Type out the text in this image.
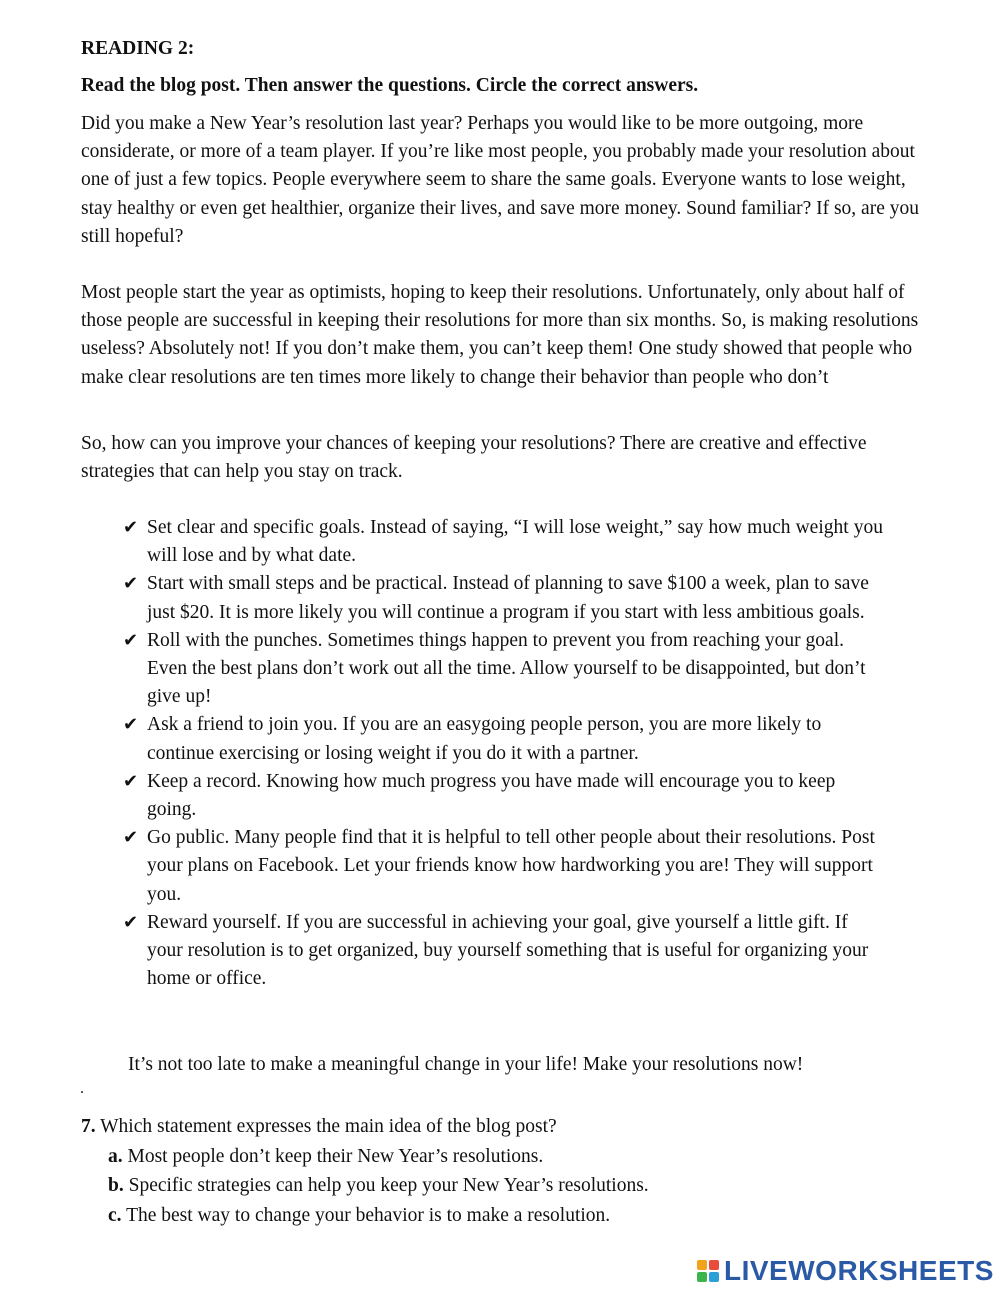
READING 2:
Read the blog post. Then answer the questions. Circle the correct answers.

Did you make a New Year’s resolution last year? Perhaps you would like to be more outgoing, more considerate, or more of a team player. If you’re like most people, you probably made your resolution about one of just a few topics. People everywhere seem to share the same goals. Everyone wants to lose weight, stay healthy or even get healthier, organize their lives, and save more money. Sound familiar? If so, are you still hopeful?

Most people start the year as optimists, hoping to keep their resolutions. Unfortunately, only about half of those people are successful in keeping their resolutions for more than six months. So, is making resolutions useless? Absolutely not! If you don’t make them, you can’t keep them! One study showed that people who make clear resolutions are ten times more likely to change their behavior than people who don’t

So, how can you improve your chances of keeping your resolutions? There are creative and effective strategies that can help you stay on track.

✔ Set clear and specific goals. Instead of saying, “I will lose weight,” say how much weight you will lose and by what date.
✔ Start with small steps and be practical. Instead of planning to save $100 a week, plan to save just $20. It is more likely you will continue a program if you start with less ambitious goals.
✔ Roll with the punches. Sometimes things happen to prevent you from reaching your goal. Even the best plans don’t work out all the time. Allow yourself to be disappointed, but don’t give up!
✔ Ask a friend to join you. If you are an easygoing people person, you are more likely to continue exercising or losing weight if you do it with a partner.
✔ Keep a record. Knowing how much progress you have made will encourage you to keep going.
✔ Go public. Many people find that it is helpful to tell other people about their resolutions. Post your plans on Facebook. Let your friends know how hardworking you are! They will support you.
✔ Reward yourself. If you are successful in achieving your goal, give yourself a little gift. If your resolution is to get organized, buy yourself something that is useful for organizing your home or office.
It’s not too late to make a meaningful change in your life! Make your resolutions now!
.
7. Which statement expresses the main idea of the blog post?
a. Most people don’t keep their New Year’s resolutions.
b. Specific strategies can help you keep your New Year’s resolutions.
c. The best way to change your behavior is to make a resolution.
LIVEWORKSHEETS
